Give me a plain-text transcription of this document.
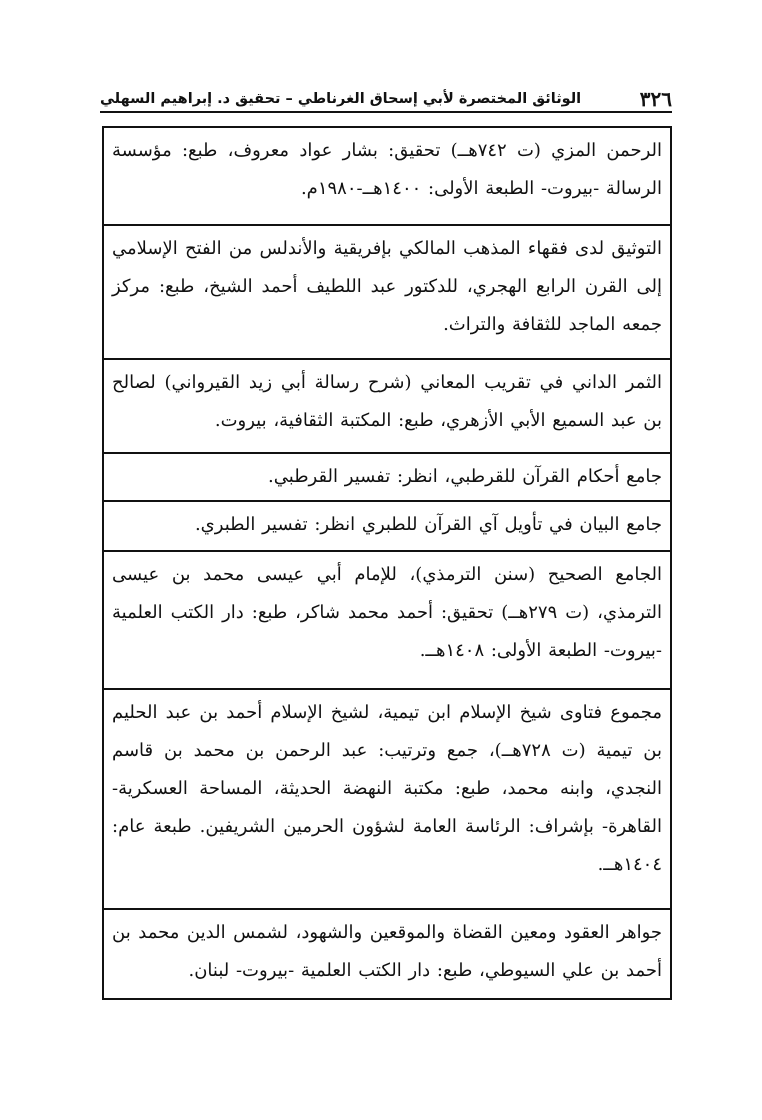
٣٢٦
الوثائق المختصرة لأبي إسحاق الغرناطي – تحقيق د. إبراهيم السهلي
الرحمن المزي (ت ٧٤٢هــ) تحقيق: بشار عواد معروف، طبع: مؤسسة الرسالة -بيروت- الطبعة الأولى: ١٤٠٠هــ-١٩٨٠م.
التوثيق لدى فقهاء المذهب المالكي بإفريقية والأندلس من الفتح الإسلامي إلى القرن الرابع الهجري، للدكتور عبد اللطيف أحمد الشيخ، طبع: مركز جمعه الماجد للثقافة والتراث.
الثمر الداني في تقريب المعاني (شرح رسالة أبي زيد القيرواني) لصالح بن عبد السميع الأبي الأزهري، طبع: المكتبة الثقافية، بيروت.
جامع أحكام القرآن للقرطبي، انظر: تفسير القرطبي.
جامع البيان في تأويل آي القرآن للطبري انظر: تفسير الطبري.
الجامع الصحيح (سنن الترمذي)، للإمام أبي عيسى محمد بن عيسى الترمذي، (ت ٢٧٩هــ) تحقيق: أحمد محمد شاكر، طبع: دار الكتب العلمية -بيروت- الطبعة الأولى: ١٤٠٨هــ.
مجموع فتاوى شيخ الإسلام ابن تيمية، لشيخ الإسلام أحمد بن عبد الحليم بن تيمية (ت ٧٢٨هــ)، جمع وترتيب: عبد الرحمن بن محمد بن قاسم النجدي، وابنه محمد، طبع: مكتبة النهضة الحديثة، المساحة العسكرية- القاهرة- بإشراف: الرئاسة العامة لشؤون الحرمين الشريفين. طبعة عام: ١٤٠٤هــ.
جواهر العقود ومعين القضاة والموقعين والشهود، لشمس الدين محمد بن أحمد بن علي السيوطي، طبع: دار الكتب العلمية -بيروت- لبنان.
